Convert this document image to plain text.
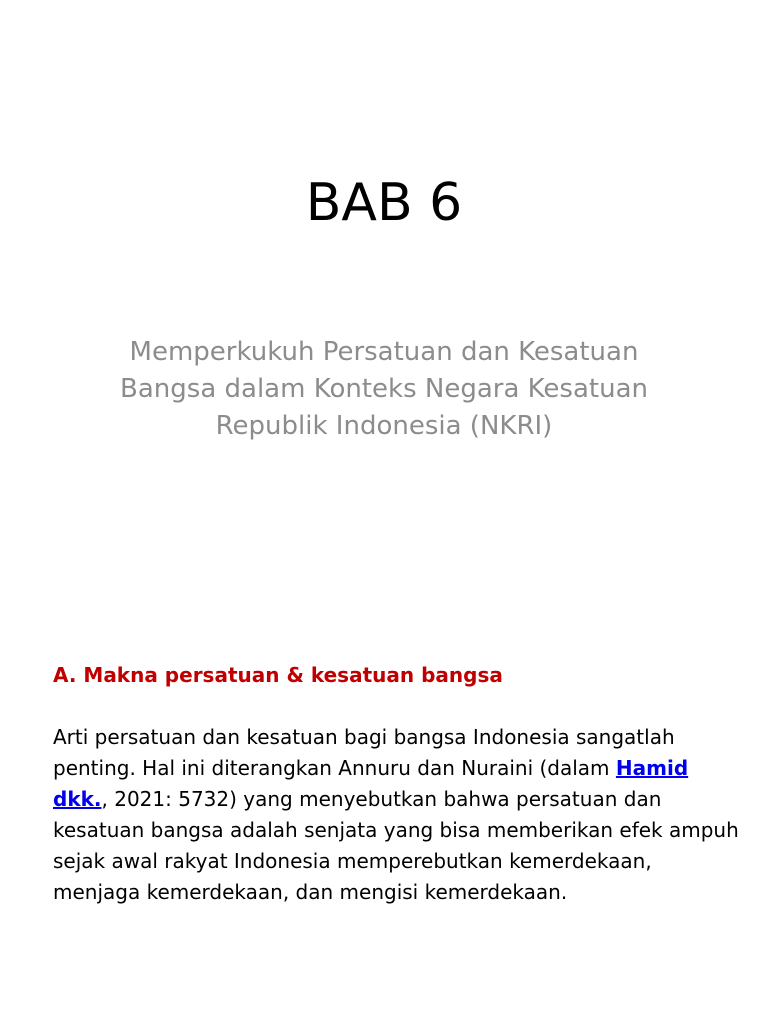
BAB 6

Memperkukuh Persatuan dan Kesatuan Bangsa dalam Konteks Negara Kesatuan Republik Indonesia (NKRI)

A. Makna persatuan & kesatuan bangsa

Arti persatuan dan kesatuan bagi bangsa Indonesia sangatlah penting. Hal ini diterangkan Annuru dan Nuraini (dalam Hamid dkk., 2021: 5732) yang menyebutkan bahwa persatuan dan kesatuan bangsa adalah senjata yang bisa memberikan efek ampuh sejak awal rakyat Indonesia memperebutkan kemerdekaan, menjaga kemerdekaan, dan mengisi kemerdekaan.
